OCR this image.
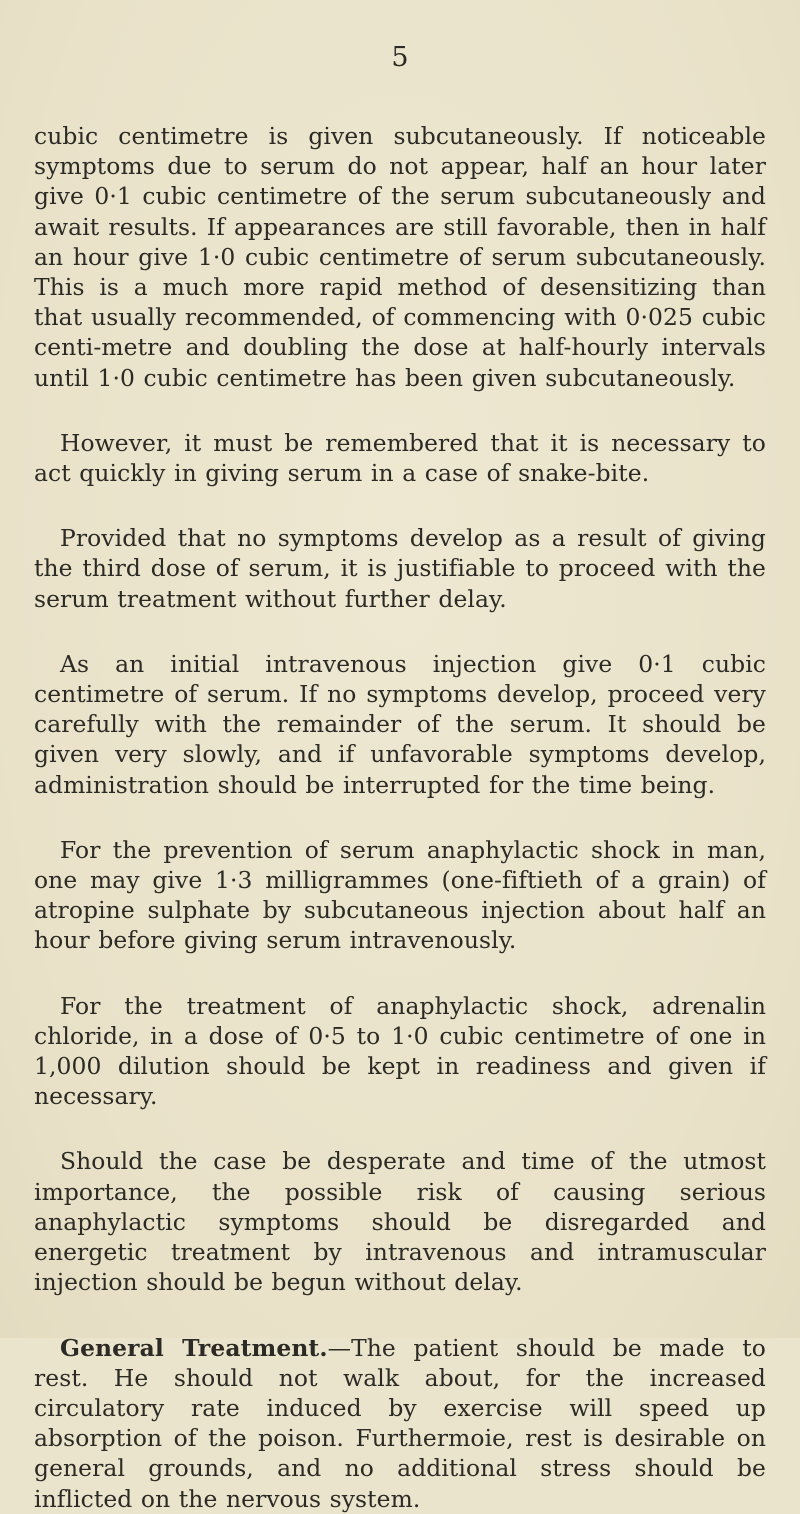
5

cubic centimetre is given subcutaneously. If noticeable symptoms due to serum do not appear, half an hour later give 0·1 cubic centimetre of the serum subcutaneously and await results. If appearances are still favorable, then in half an hour give 1·0 cubic centimetre of serum subcutaneously. This is a much more rapid method of desensitizing than that usually recommended, of commencing with 0·025 cubic centi-metre and doubling the dose at half-hourly intervals until 1·0 cubic centimetre has been given subcutaneously.

However, it must be remembered that it is necessary to act quickly in giving serum in a case of snake-bite.

Provided that no symptoms develop as a result of giving the third dose of serum, it is justifiable to proceed with the serum treatment without further delay.

As an initial intravenous injection give 0·1 cubic centimetre of serum. If no symptoms develop, proceed very carefully with the remainder of the serum. It should be given very slowly, and if unfavorable symptoms develop, administration should be interrupted for the time being.

For the prevention of serum anaphylactic shock in man, one may give 1·3 milligrammes (one-fiftieth of a grain) of atropine sulphate by subcutaneous injection about half an hour before giving serum intravenously.

For the treatment of anaphylactic shock, adrenalin chloride, in a dose of 0·5 to 1·0 cubic centimetre of one in 1,000 dilution should be kept in readiness and given if necessary.

Should the case be desperate and time of the utmost importance, the possible risk of causing serious anaphylactic symptoms should be disregarded and energetic treatment by intravenous and intramuscular injection should be begun without delay.

General Treatment.—The patient should be made to rest. He should not walk about, for the increased circulatory rate induced by exercise will speed up absorption of the poison. Furthermoie, rest is desirable on general grounds, and no additional stress should be inflicted on the nervous system.
